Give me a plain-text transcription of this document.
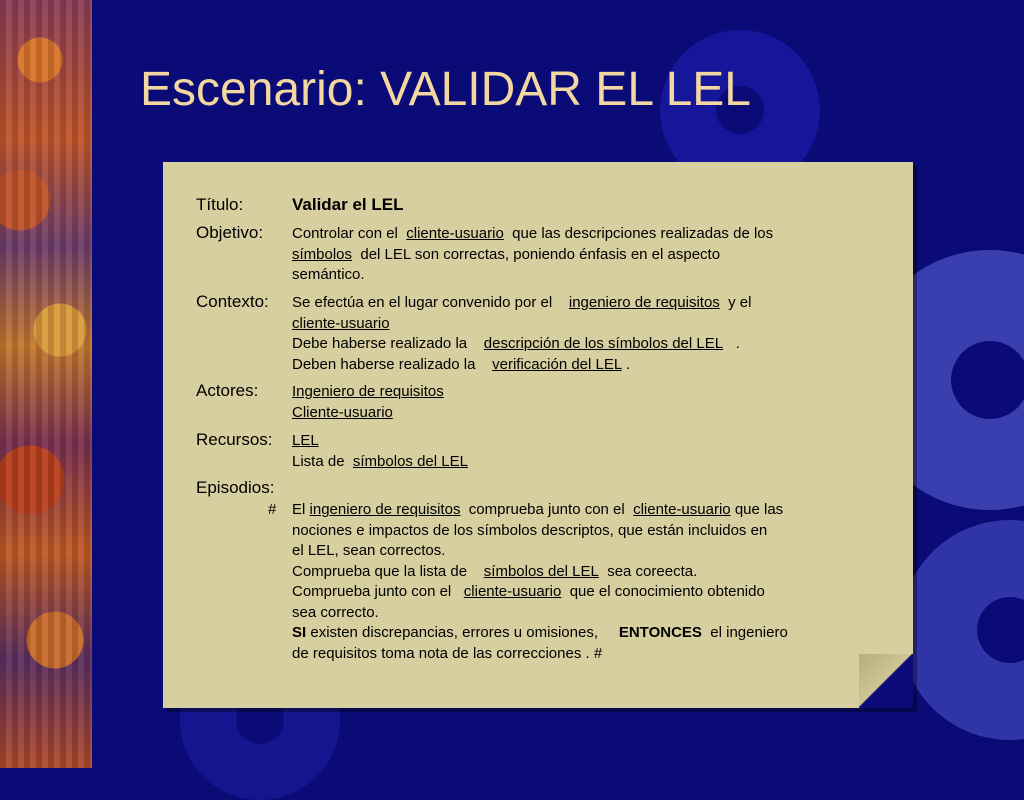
Escenario: VALIDAR EL LEL
Título:	Validar el LEL
Objetivo: Controlar con el cliente-usuario que las descripciones realizadas de los
símbolos del LEL son correctas, poniendo énfasis en el aspecto
semántico.
Contexto: Se efectúa en el lugar convenido por el ingeniero de requisitos y el
cliente-usuario
Debe haberse realizado la descripción de los símbolos del LEL .
Deben haberse realizado la verificación del LEL .
Actores: Ingeniero de requisitos
Cliente-usuario
Recursos: LEL
Lista de símbolos del LEL
Episodios:
# El ingeniero de requisitos comprueba junto con el cliente-usuario que las
nociones e impactos de los símbolos descriptos, que están incluidos en
el LEL, sean correctos.
Comprueba que la lista de símbolos del LEL sea coreecta.
Comprueba junto con el cliente-usuario que el conocimiento obtenido
sea correcto.
SI existen discrepancias, errores u omisiones, ENTONCES el ingeniero
de requisitos toma nota de las correcciones . #
